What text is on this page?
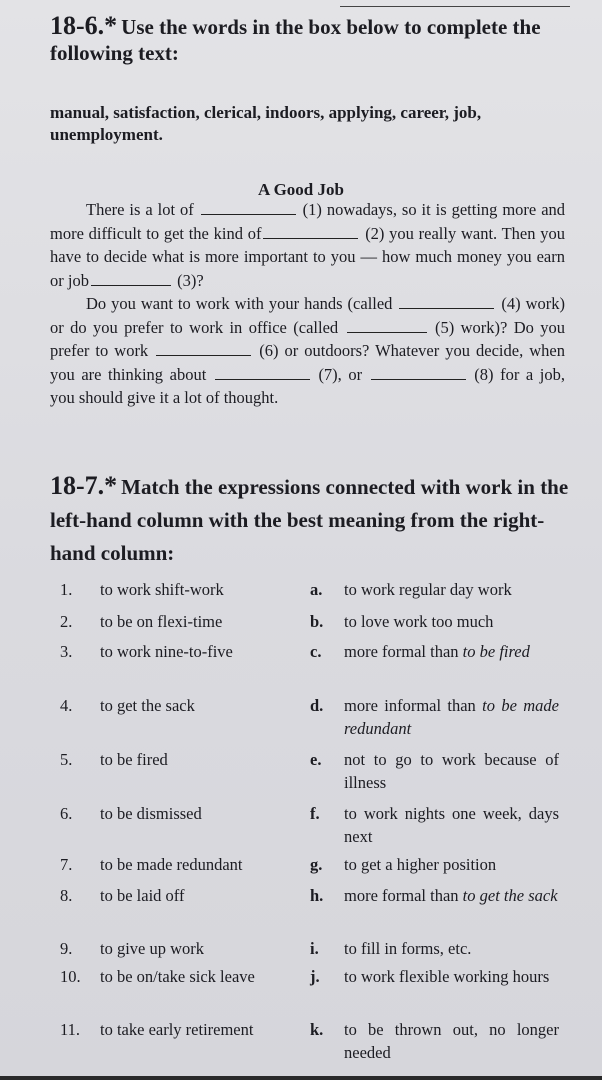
18-6.* Use the words in the box below to complete the following text:
manual, satisfaction, clerical, indoors, applying, career, job, unemployment.
A Good Job

There is a lot of	(1) nowadays, so it is getting more and more difficult to get the kind of	(2) you really want. Then you have to decide what is more important to you — how much money you earn or job	(3)?

Do you want to work with your hands (called	(4) work) or do you prefer to work in office (called	(5) work)? Do you prefer to work	(6) or outdoors? Whatever you decide, when you are thinking about	(7), or	(8) for a job, you should give it a lot of thought.

18-7.* Match the expressions connected with work in the left-hand column with the best meaning from the right-hand column:
1.	to work shift-work	a.	to work regular day work
2.	to be on flexi-time	b.	to love work too much
3.	to work nine-to-five	c.	more formal than to be fired
4.	to get the sack	d.	more informal than to be made redundant
5.	to be fired	e.	not to go to work because of illness
6.	to be dismissed	f.	to work nights one week, days next
7.	to be made redundant	g.	to get a higher position
8.	to be laid off	h.	more formal than to get the sack
9.	to give up work	i.	to fill in forms, etc.
10.	to be on/take sick leave	j.	to work flexible working hours
11.	to take early retirement	k.	to be thrown out, no longer needed
